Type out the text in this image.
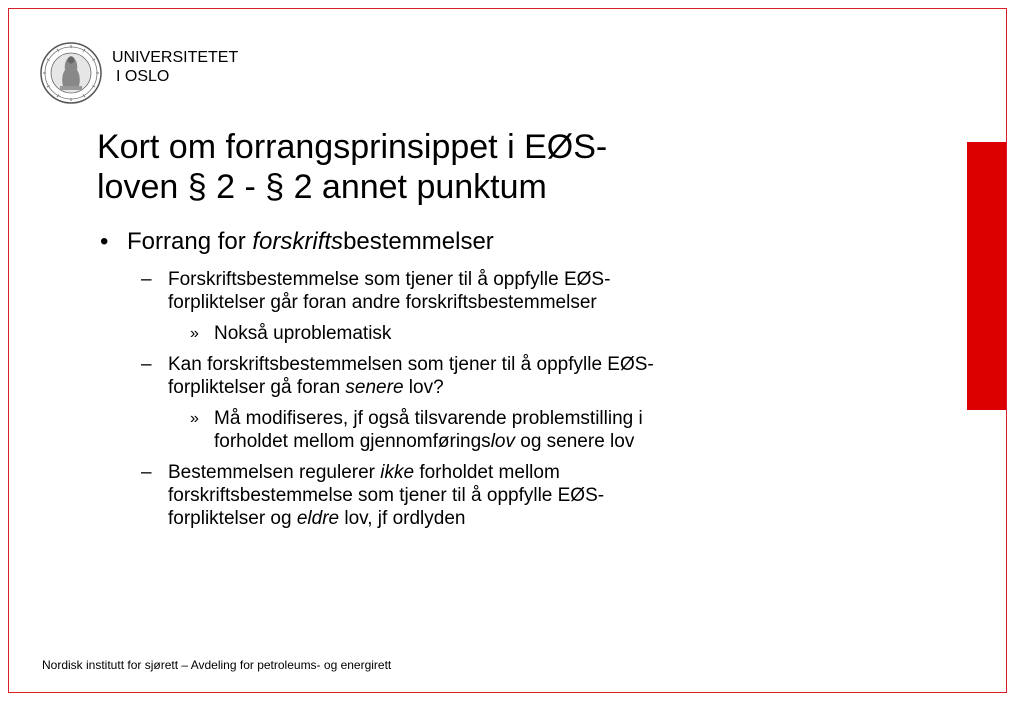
UNIVERSITETET
I OSLO
Kort om forrangsprinsippet i EØS-
loven § 2 - § 2 annet punktum
• Forrang for forskriftsbestemmelser
– Forskriftsbestemmelse som tjener til å oppfylle EØS-
forpliktelser går foran andre forskriftsbestemmelser
» Nokså uproblematisk
– Kan forskriftsbestemmelsen som tjener til å oppfylle EØS-
forpliktelser gå foran senere lov?
» Må modifiseres, jf også tilsvarende problemstilling i
forholdet mellom gjennomføringslov og senere lov
– Bestemmelsen regulerer ikke forholdet mellom
forskriftsbestemmelse som tjener til å oppfylle EØS-
forpliktelser og eldre lov, jf ordlyden
Nordisk institutt for sjørett – Avdeling for petroleums- og energirett
